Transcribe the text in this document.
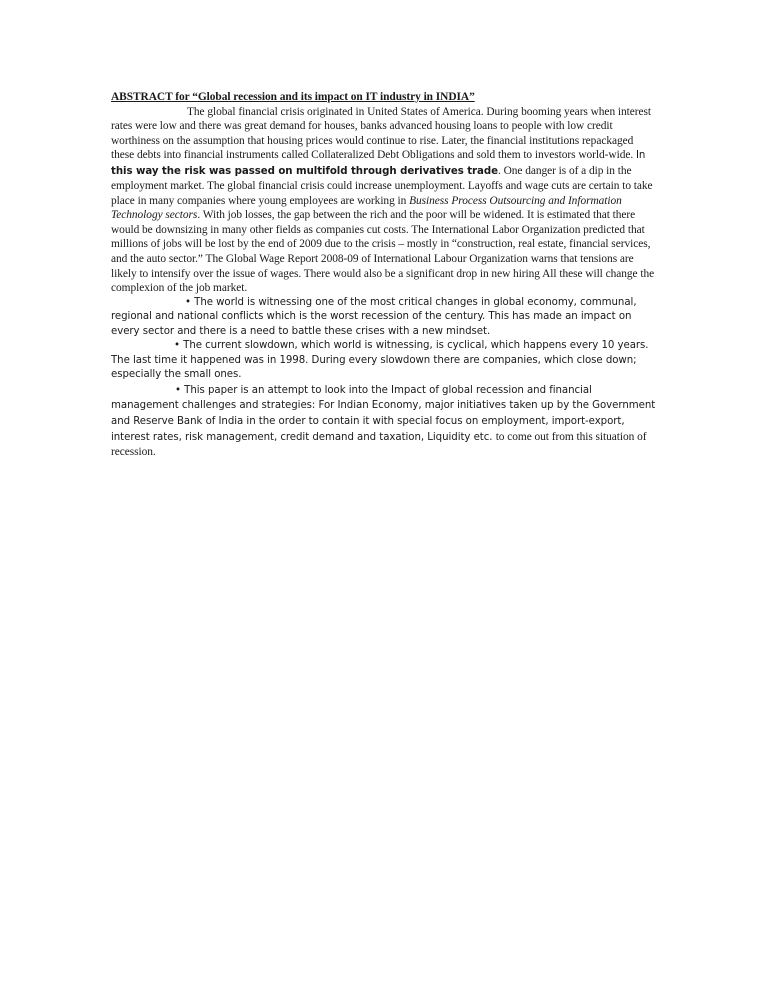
ABSTRACT for “Global recession and its impact on IT industry in INDIA”

The global financial crisis originated in United States of America. During booming years when interest rates were low and there was great demand for houses, banks advanced housing loans to people with low credit worthiness on the assumption that housing prices would continue to rise. Later, the financial institutions repackaged these debts into financial instruments called Collateralized Debt Obligations and sold them to investors world-wide. In this way the risk was passed on multifold through derivatives trade. One danger is of a dip in the employment market. The global financial crisis could increase unemployment. Layoffs and wage cuts are certain to take place in many companies where young employees are working in Business Process Outsourcing and Information Technology sectors. With job losses, the gap between the rich and the poor will be widened. It is estimated that there would be downsizing in many other fields as companies cut costs. The International Labor Organization predicted that millions of jobs will be lost by the end of 2009 due to the crisis – mostly in “construction, real estate, financial services, and the auto sector.” The Global Wage Report 2008-09 of International Labour Organization warns that tensions are likely to intensify over the issue of wages. There would also be a significant drop in new hiring All these will change the complexion of the job market.

• The world is witnessing one of the most critical changes in global economy, communal, regional and national conflicts which is the worst recession of the century. This has made an impact on every sector and there is a need to battle these crises with a new mindset.

• The current slowdown, which world is witnessing, is cyclical, which happens every 10 years. The last time it happened was in 1998. During every slowdown there are companies, which close down; especially the small ones.

• This paper is an attempt to look into the Impact of global recession and financial management challenges and strategies: For Indian Economy, major initiatives taken up by the Government and Reserve Bank of India in the order to contain it with special focus on employment, import-export, interest rates, risk management, credit demand and taxation, Liquidity etc. to come out from this situation of recession.
